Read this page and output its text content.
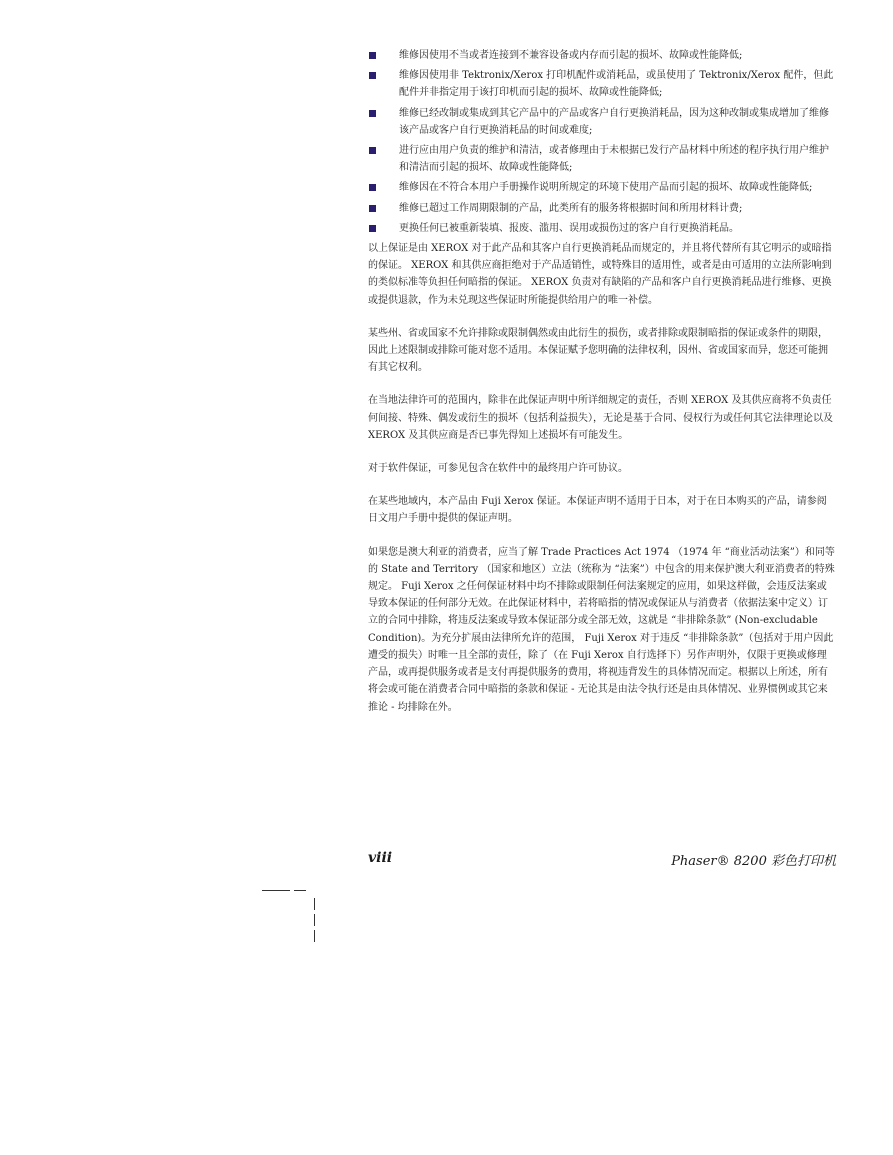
维修因使用不当或者连接到不兼容设备或内存而引起的损坏、故障或性能降低;
维修因使用非 Tektronix/Xerox 打印机配件或消耗品，或虽使用了 Tektronix/Xerox 配件，但此配件并非指定用于该打印机而引起的损坏、故障或性能降低;
维修已经改制或集成到其它产品中的产品或客户自行更换消耗品，因为这种改制或集成增加了维修该产品或客户自行更换消耗品的时间或难度;
进行应由用户负责的维护和清洁，或者修理由于未根据已发行产品材料中所述的程序执行用户维护和清洁而引起的损坏、故障或性能降低;
维修因在不符合本用户手册操作说明所规定的环境下使用产品而引起的损坏、故障或性能降低;
维修已超过工作周期限制的产品，此类所有的服务将根据时间和所用材料计费;
更换任何已被重新装填、报废、滥用、误用或损伤过的客户自行更换消耗品。

以上保证是由 XEROX 对于此产品和其客户自行更换消耗品而规定的，并且将代替所有其它明示的或暗指的保证。 XEROX 和其供应商拒绝对于产品适销性，或特殊目的适用性，或者是由可适用的立法所影响到的类似标准等负担任何暗指的保证。 XEROX 负责对有缺陷的产品和客户自行更换消耗品进行维修、更换或提供退款，作为未兑现这些保证时所能提供给用户的唯一补偿。

某些州、省或国家不允许排除或限制偶然或由此衍生的损伤，或者排除或限制暗指的保证或条件的期限，因此上述限制或排除可能对您不适用。本保证赋予您明确的法律权利，因州、省或国家而异，您还可能拥有其它权利。

在当地法律许可的范围内，除非在此保证声明中所详细规定的责任，否则 XEROX 及其供应商将不负责任何间接、特殊、偶发或衍生的损坏（包括利益损失），无论是基于合同、侵权行为或任何其它法律理论以及 XEROX 及其供应商是否已事先得知上述损坏有可能发生。

对于软件保证，可参见包含在软件中的最终用户许可协议。

在某些地域内，本产品由 Fuji Xerox 保证。本保证声明不适用于日本，对于在日本购买的产品，请参阅日文用户手册中提供的保证声明。

如果您是澳大利亚的消费者，应当了解 Trade Practices Act 1974 （1974 年 “商业活动法案”）和同等的 State and Territory （国家和地区）立法（统称为 “法案”）中包含的用来保护澳大利亚消费者的特殊规定。 Fuji Xerox 之任何保证材料中均不排除或限制任何法案规定的应用，如果这样做，会违反法案或导致本保证的任何部分无效。在此保证材料中，若将暗指的情况或保证从与消费者（依据法案中定义）订立的合同中排除，将违反法案或导致本保证部分或全部无效，这就是 “非排除条款” (Non-excludable Condition)。为充分扩展由法律所允许的范围， Fuji Xerox 对于违反 “非排除条款”（包括对于用户因此遭受的损失）时唯一且全部的责任，除了（在 Fuji Xerox 自行选择下）另作声明外，仅限于更换或修理产品，或再提供服务或者是支付再提供服务的费用，将视违背发生的具体情况而定。根据以上所述，所有将会或可能在消费者合同中暗指的条款和保证 - 无论其是由法令执行还是由具体情况、业界惯例或其它来推论 - 均排除在外。

viii	Phaser® 8200 彩色打印机
